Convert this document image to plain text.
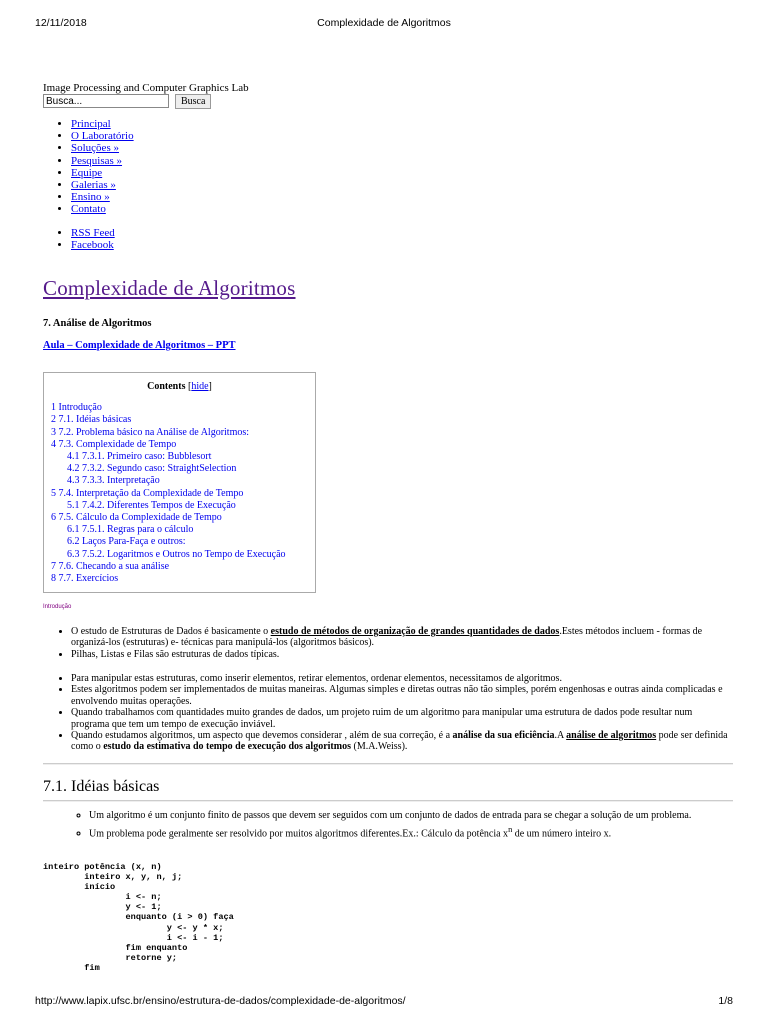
12/11/2018	Complexidade de Algoritmos
Image Processing and Computer Graphics Lab
Busca... Busca
• Principal
• O Laboratório
• Soluções »
• Pesquisas »
• Equipe
• Galerias »
• Ensino »
• Contato
• RSS Feed
• Facebook
Complexidade de Algoritmos
7. Análise de Algoritmos
Aula – Complexidade de Algoritmos – PPT
Contents [hide]
1 Introdução
2 7.1. Idéias básicas
3 7.2. Problema básico na Análise de Algoritmos:
4 7.3. Complexidade de Tempo
4.1 7.3.1. Primeiro caso: Bubblesort
4.2 7.3.2. Segundo caso: StraightSelection
4.3 7.3.3. Interpretação
5 7.4. Interpretação da Complexidade de Tempo
5.1 7.4.2. Diferentes Tempos de Execução
6 7.5. Cálculo da Complexidade de Tempo
6.1 7.5.1. Regras para o cálculo
6.2 Laços Para-Faça e outros:
6.3 7.5.2. Logaritmos e Outros no Tempo de Execução
7 7.6. Checando a sua análise
8 7.7. Exercícios
Introdução
• O estudo de Estruturas de Dados é basicamente o estudo de métodos de organização de grandes quantidades de dados.Estes métodos incluem - formas de organizá-los (estruturas) e- técnicas para manipulá-los (algoritmos básicos).
• Pilhas, Listas e Filas são estruturas de dados típicas.
• Para manipular estas estruturas, como inserir elementos, retirar elementos, ordenar elementos, necessitamos de algoritmos.
• Estes algoritmos podem ser implementados de muitas maneiras. Algumas simples e diretas outras não tão simples, porém engenhosas e outras ainda complicadas e envolvendo muitas operações.
• Quando trabalhamos com quantidades muito grandes de dados, um projeto ruim de um algoritmo para manipular uma estrutura de dados pode resultar num programa que tem um tempo de execução inviável.
• Quando estudamos algoritmos, um aspecto que devemos considerar , além de sua correção, é a análise da sua eficiência.A análise de algoritmos pode ser definida como o estudo da estimativa do tempo de execução dos algoritmos (M.A.Weiss).
7.1. Idéias básicas
◦ Um algoritmo é um conjunto finito de passos que devem ser seguidos com um conjunto de dados de entrada para se chegar a solução de um problema.
◦ Um problema pode geralmente ser resolvido por muitos algoritmos diferentes.Ex.: Cálculo da potência $x^n$ de um número inteiro x.
inteiro potência (x, n)
inteiro x, y, n, j;
início
i <- n;
y <- 1;
enquanto (i > 0) faça
y <- y * x;
i <- i - 1;
fim enquanto
retorne y;
fim
http://www.lapix.ufsc.br/ensino/estrutura-de-dados/complexidade-de-algoritmos/	1/8
